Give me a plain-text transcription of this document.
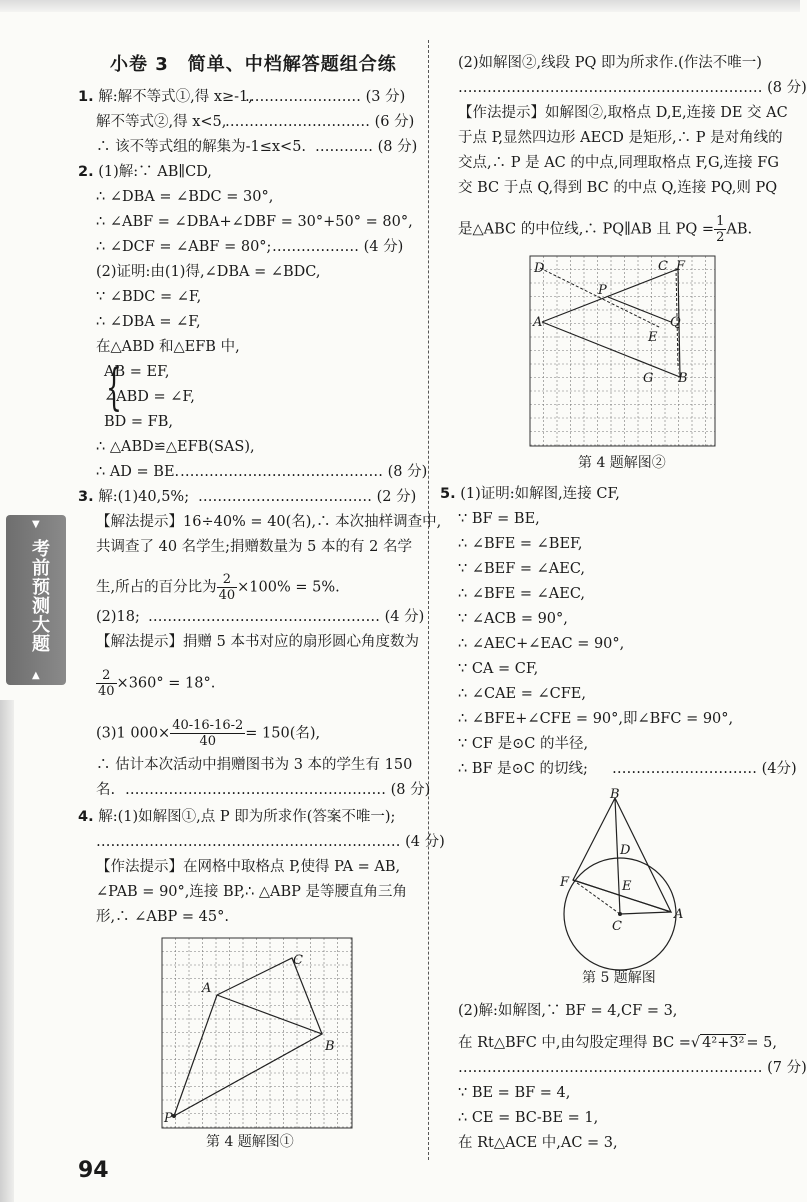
▼
考前预测大题
▲
小卷 3　简单、中档解答题组合练
1. 解:解不等式①,得 x≥-1,
…………………… (3 分)
解不等式②,得 x<5,
………………………… (6 分)
∴ 该不等式组的解集为-1≤x<5. ………… (8 分)
2. (1)解:∵ AB∥CD,
∴ ∠DBA = ∠BDC = 30°,
∴ ∠ABF = ∠DBA+∠DBF = 30°+50° = 80°,
∴ ∠DCF = ∠ABF = 80°; ……………… (4 分)
(2)证明:由(1)得,∠DBA = ∠BDC,
∵ ∠BDC = ∠F,
∴ ∠DBA = ∠F,
在△ABD 和△EFB 中,
{
AB = EF,
∠ABD = ∠F,
BD = FB,
∴ △ABD≌△EFB(SAS),
∴ AD = BE. …………………………………… (8 分)
3. 解:(1)40,5%; ……………………………… (2 分)
【解法提示】16÷40% = 40(名),∴ 本次抽样调查中,
共调查了 40 名学生;捐赠数量为 5 本的有 2 名学
生,所占的百分比为 $\frac{2}{40} \times 100\% = 5\%$.
(2)18; ………………………………………… (4 分)
【解法提示】捐赠 5 本书对应的扇形圆心角度数为
$\frac{2}{40} \times 360^\circ = 18^\circ$.
(3)1 $000\times \frac{40-16-16-2}{40} = 150$(名),
∴ 估计本次活动中捐赠图书为 3 本的学生有 150
名. ……………………………………………… (8 分)
4. 解:(1)如解图①,点 P 即为所求作(答案不唯一);
……………………………………………………… (4 分)
【作法提示】在网格中取格点 P,使得 PA = AB,
∠PAB = 90°,连接 BP,∴ △ABP 是等腰直角三角
形,∴ ∠ABP = 45°.
A
C
B
P
第 4 题解图①
(2)如解图②,线段 PQ 即为所求作.(作法不唯一)
……………………………………………………… (8 分)
【作法提示】如解图②,取格点 D,E,连接 DE 交 AC
于点 P,显然四边形 AECD 是矩形,∴ P 是对角线的
交点,∴ P 是 AC 的中点,同理取格点 F,G,连接 FG
交 BC 于点 Q,得到 BC 的中点 Q,连接 PQ,则 PQ
是△ABC 的中位线,∴ PQ∥AB 且 PQ = $\frac{1}{2}$ AB.
D	C F
P
A	Q
E
G B
第 4 题解图②
5. (1)证明:如解图,连接 CF,
∵ BF = BE,
∴ ∠BFE = ∠BEF,
∵ ∠BEF = ∠AEC,
∴ ∠BFE = ∠AEC,
∵ ∠ACB = 90°,
∴ ∠AEC+∠EAC = 90°,
∵ CA = CF,
∴ ∠CAE = ∠CFE,
∴ ∠BFE+∠CFE = 90°,即∠BFC = 90°,
∵ CF 是⊙C 的半径,
∴ BF 是⊙C 的切线; ………………………… (4分)
B
D
E
F
A
C
第 5 题解图
(2)解:如解图,∵ BF = 4,CF = 3,
在 Rt△BFC 中,由勾股定理得 BC =√ 4²+3² = 5,
……………………………………………………… (7 分)
∵ BE = BF = 4,
∴ CE = BC-BE = 1,
在 Rt△ACE 中,AC = 3,
94
